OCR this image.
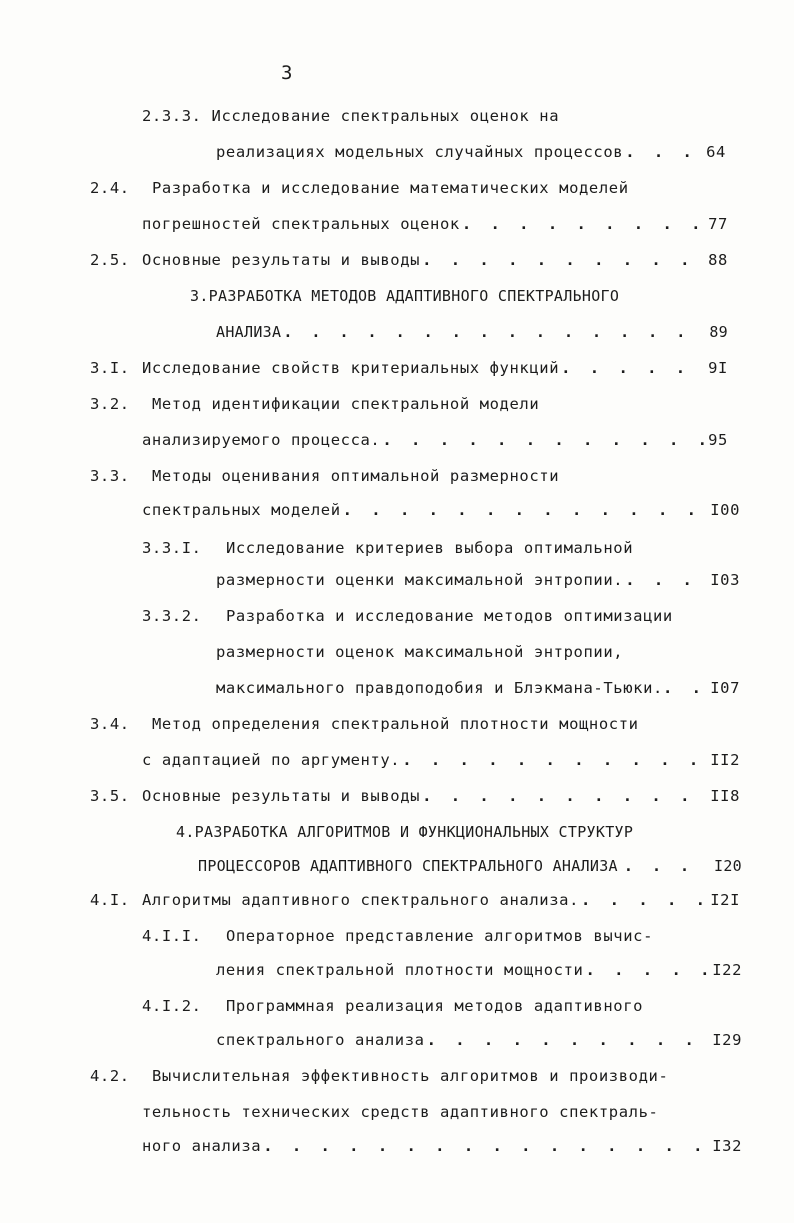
3
2.3.3. Исследование спектральных оценок на
реализациях модельных случайных процессов . . .	64
2.4. Разработка и исследование математических моделей
погрешностей спектральных оценок . . .	77
2.5. Основные результаты и выводы . . .	88
3.РАЗРАБОТКА МЕТОДОВ АДАПТИВНОГО СПЕКТРАЛЬНОГО
АНАЛИЗА . . .	89
3.I. Исследование свойств критериальных функций . . .	9I
3.2. Метод идентификации спектральной модели
анализируемого процесса. . . .	95
3.3. Методы оценивания оптимальной размерности
спектральных моделей . . .	I00
3.3.I. Исследование критериев выбора оптимальной
размерности оценки максимальной энтропии. . . .	I03
3.3.2. Разработка и исследование методов оптимизации
размерности оценок максимальной энтропии,
максимального правдоподобия и Блэкмана-Тьюки. . . .	I07
3.4. Метод определения спектральной плотности мощности
с адаптацией по аргументу. . . .	II2
3.5. Основные результаты и выводы . . .	II8
4.РАЗРАБОТКА АЛГОРИТМОВ И ФУНКЦИОНАЛЬНЫХ СТРУКТУР
ПРОЦЕССОРОВ АДАПТИВНОГО СПЕКТРАЛЬНОГО АНАЛИЗА . . .	I20
4.I. Алгоритмы адаптивного спектрального анализа. . . .	I2I
4.I.I. Операторное представление алгоритмов вычис-
ления спектральной плотности мощности . . .	I22
4.I.2. Программная реализация методов адаптивного
спектрального анализа . . .	I29
4.2. Вычислительная эффективность алгоритмов и производи-
тельность технических средств адаптивного спектраль-
ного анализа . . .	I32
